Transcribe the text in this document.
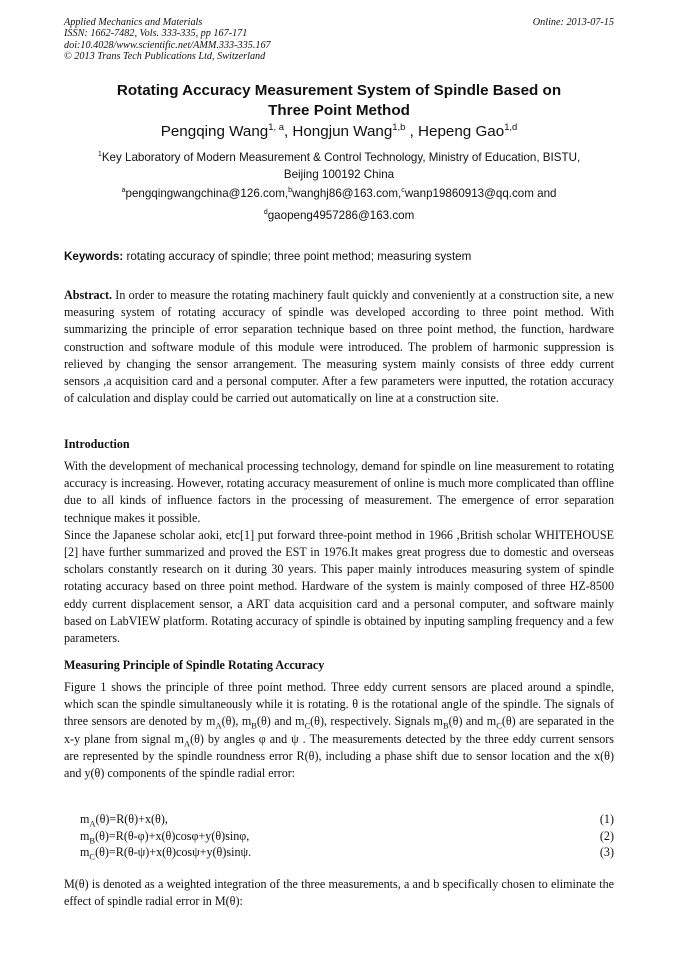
Applied Mechanics and Materials
ISSN: 1662-7482, Vols. 333-335, pp 167-171
doi:10.4028/www.scientific.net/AMM.333-335.167
© 2013 Trans Tech Publications Ltd, Switzerland
Online: 2013-07-15
Rotating Accuracy Measurement System of Spindle Based on
Three Point Method
Pengqing Wang$^{1, a}$, Hongjun Wang$^{1,b}$ , Hepeng Gao$^{1,d}$
$^1$Key Laboratory of Modern Measurement & Control Technology, Ministry of Education, BISTU,
Beijing 100192 China
$^a$pengqingwangchina@126.com,$^b$wanghj86@163.com,$^c$wanp19860913@qq.com and
$^d$gaopeng4957286@163.com
Keywords: rotating accuracy of spindle; three point method; measuring system
Abstract. In order to measure the rotating machinery fault quickly and conveniently at a construction site, a new measuring system of rotating accuracy of spindle was developed according to three point method. With summarizing the principle of error separation technique based on three point method, the function, hardware construction and software module of this module were introduced. The problem of harmonic suppression is relieved by changing the sensor arrangement. The measuring system mainly consists of three eddy current sensors ,a acquisition card and a personal computer. After a few parameters were inputted, the rotation accuracy of calculation and display could be carried out automatically on line at a construction site.
Introduction
With the development of mechanical processing technology, demand for spindle on line measurement to rotating accuracy is increasing. However, rotating accuracy measurement of online is much more complicated than offline due to all kinds of influence factors in the processing of measurement. The emergence of error separation technique makes it possible.
Since the Japanese scholar aoki, etc[1] put forward three-point method in 1966 ,British scholar WHITEHOUSE [2] have further summarized and proved the EST in 1976.It makes great progress due to domestic and overseas scholars constantly research on it during 30 years. This paper mainly introduces measuring system of spindle rotating accuracy based on three point method. Hardware of the system is mainly composed of three HZ-8500 eddy current displacement sensor, a ART data acquisition card and a personal computer, and software mainly based on LabVIEW platform. Rotating accuracy of spindle is obtained by inputing sampling frequency and a few parameters.
Measuring Principle of Spindle Rotating Accuracy
Figure 1 shows the principle of three point method. Three eddy current sensors are placed around a spindle, which scan the spindle simultaneously while it is rotating. θ is the rotational angle of the spindle. The signals of three sensors are denoted by $m_A(\theta)$, $m_B(\theta)$ and $m_C(\theta)$, respectively. Signals $m_B(\theta)$ and $m_C(\theta)$ are separated in the x-y plane from signal $m_A(\theta)$ by angles φ and ψ . The measurements detected by the three eddy current sensors are represented by the spindle roundness error R(θ), including a phase shift due to sensor location and the x(θ) and y(θ) components of the spindle radial error:
$m_A(\theta)=R(\theta)+x(\theta)$,	(1)
$m_B(\theta)=R(\theta-\varphi)+x(\theta)\cos\varphi+y(\theta)\sin\varphi$,	(2)
$m_C(\theta)=R(\theta-\psi)+x(\theta)\cos\psi+y(\theta)\sin\psi$.	(3)
M(θ) is denoted as a weighted integration of the three measurements, a and b specifically chosen to eliminate the effect of spindle radial error in M(θ):
